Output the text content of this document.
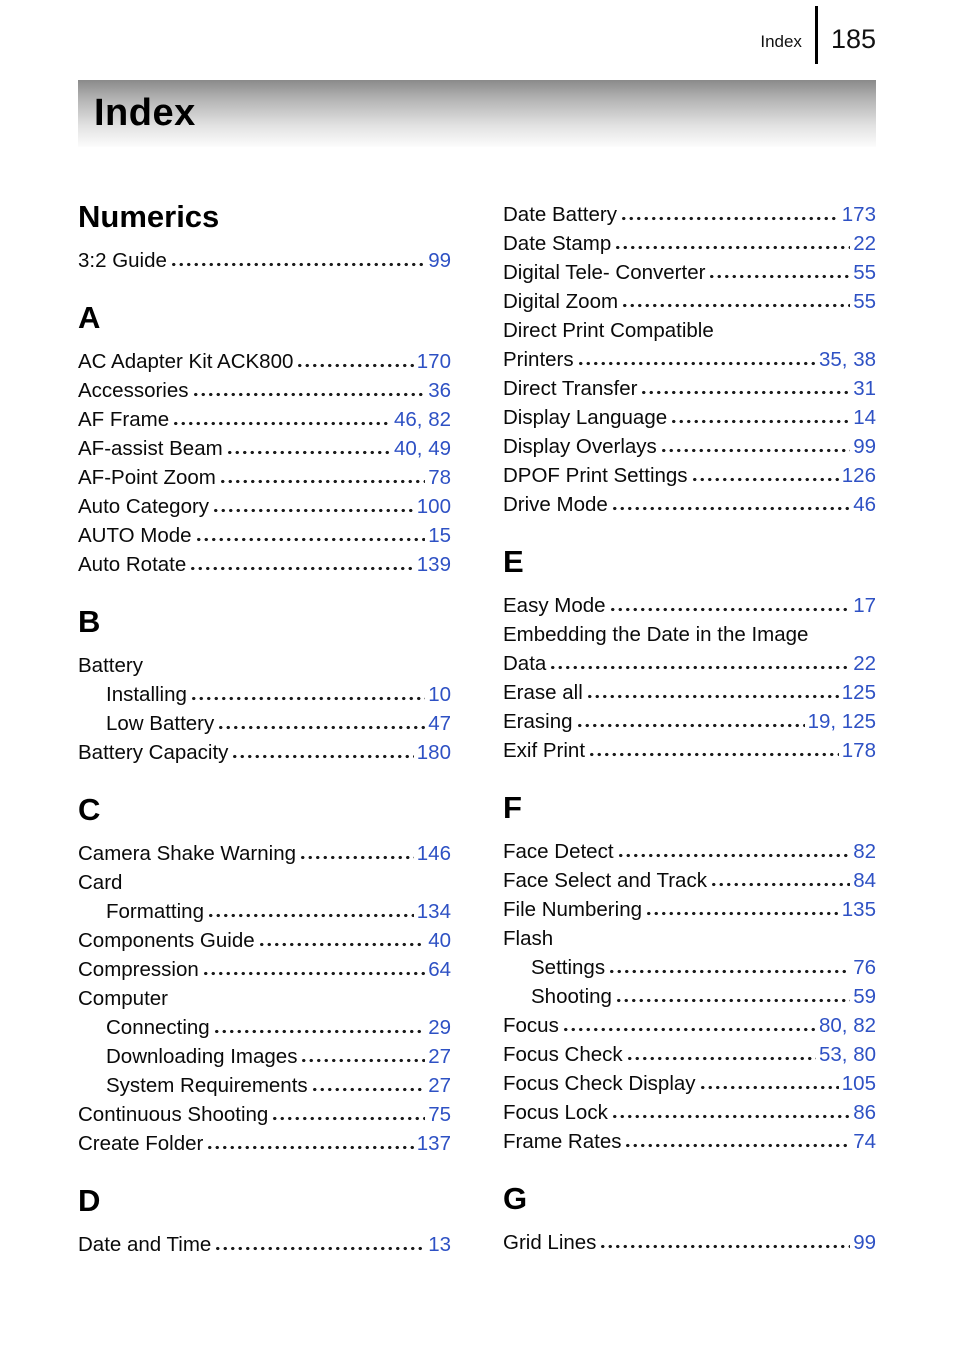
Index 185
Index
Numerics
3:2 Guide	99
A
AC Adapter Kit ACK800	170
Accessories	36
AF Frame	46, 82
AF-assist Beam	40, 49
AF-Point Zoom	78
Auto Category	100
AUTO Mode	15
Auto Rotate	139
B
Battery
Installing	10
Low Battery	47
Battery Capacity	180
C
Camera Shake Warning	146
Card
Formatting	134
Components Guide	40
Compression	64
Computer
Connecting	29
Downloading Images	27
System Requirements	27
Continuous Shooting	75
Create Folder	137
D
Date and Time	13
Date Battery	173
Date Stamp	22
Digital Tele- Converter	55
Digital Zoom	55
Direct Print Compatible
Printers	35, 38
Direct Transfer	31
Display Language	14
Display Overlays	99
DPOF Print Settings	126
Drive Mode	46
E
Easy Mode	17
Embedding the Date in the Image
Data	22
Erase all	125
Erasing	19, 125
Exif Print	178
F
Face Detect	82
Face Select and Track	84
File Numbering	135
Flash
Settings	76
Shooting	59
Focus	80, 82
Focus Check	53, 80
Focus Check Display	105
Focus Lock	86
Frame Rates	74
G
Grid Lines	99
